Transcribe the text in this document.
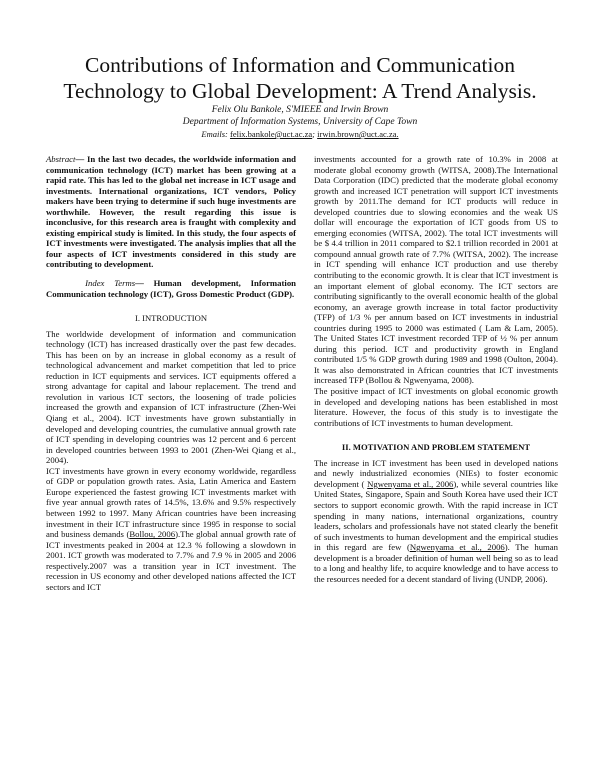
Contributions of Information and Communication Technology to Global Development: A Trend Analysis.
Felix Olu Bankole, S'MIEEE and Irwin Brown
Department of Information Systems, University of Cape Town
Emails: felix.bankole@uct.ac.za; irwin.brown@uct.ac.za.

Abstract— In the last two decades, the worldwide information and communication technology (ICT) market has been growing at a rapid rate. This has led to the global net increase in ICT usage and investments. International organizations, ICT vendors, Policy makers have been trying to determine if such huge investments are worthwhile. However, the result regarding this issue is inconclusive, for this research area is fraught with complexity and existing empirical study is limited. In this study, the four aspects of ICT investments were investigated. The analysis implies that all the four aspects of ICT investments considered in this study are contributing to development.

Index Terms— Human development, Information Communication technology (ICT), Gross Domestic Product (GDP).

I. INTRODUCTION

The worldwide development of information and communication technology (ICT) has increased drastically over the past few decades. This has been on by an increase in global economy as a result of technological advancement and market competition that led to price reduction in ICT equipments and services. ICT equipments offered a strong advantage for capital and labour replacement. The trend and revolution in various ICT sectors, the loosening of trade policies increased the growth and expansion of ICT infrastructure (Zhen-Wei Qiang et al., 2004). ICT investments have grown substantially in developed and developing countries, the cumulative annual growth rate of ICT spending in developing countries was 12 percent and 6 percent in developed countries between 1993 to 2001 (Zhen-Wei Qiang et al., 2004).

ICT investments have grown in every economy worldwide, regardless of GDP or population growth rates. Asia, Latin America and Eastern Europe experienced the fastest growing ICT investments market with five year annual growth rates of 14.5%, 13.6% and 9.5% respectively between 1992 to 1997. Many African countries have been increasing investment in their ICT infrastructure since 1995 in response to social and business demands (Bollou, 2006).The global annual growth rate of ICT investments peaked in 2004 at 12.3 % following a slowdown in 2001. ICT growth was moderated to 7.7% and 7.9 % in 2005 and 2006 respectively.2007 was a transition year in ICT investment. The recession in US economy and other developed nations affected the ICT sectors and ICT

investments accounted for a growth rate of 10.3% in 2008 at moderate global economy growth (WITSA, 2008).The International Data Corporation (IDC) predicted that the moderate global economy growth and increased ICT penetration will support ICT investments growth by 2011.The demand for ICT products will reduce in developed countries due to slowing economies and the weak US dollar will encourage the exportation of ICT goods from US to emerging economies (WITSA, 2002). The total ICT investments will be $ 4.4 trillion in 2011 compared to $2.1 trillion recorded in 2001 at compound annual growth rate of 7.7% (WITSA, 2002). The increase in ICT spending will enhance ICT production and use thereby contributing to the economic growth. It is clear that ICT investment is an important element of global economy. The ICT sectors are contributing significantly to the overall economic health of the global economy, an average growth increase in total factor productivity (TFP) of 1/3 % per annum based on ICT investments in industrial countries during 1995 to 2000 was estimated ( Lam & Lam, 2005). The United States ICT investment recorded TFP of ½ % per annum during this period. ICT and productivity growth in England contributed 1/5 % GDP growth during 1989 and 1998 (Oulton, 2004). It was also demonstrated in African countries that ICT investments increased TFP (Bollou & Ngwenyama, 2008).

The positive impact of ICT investments on global economic growth in developed and developing nations has been established in most literature. However, the focus of this study is to investigate the contributions of ICT investments to human development.

II. MOTIVATION AND PROBLEM STATEMENT

The increase in ICT investment has been used in developed nations and newly industrialized economies (NIEs) to foster economic development ( Ngwenyama et al., 2006), while several countries like United States, Singapore, Spain and South Korea have used their ICT sectors to support economic growth. With the rapid increase in ICT spending in many nations, international organizations, country leaders, scholars and professionals have not stated clearly the benefit of such investments to human development and the empirical studies in this regard are few (Ngwenyama et al., 2006). The human development is a broader definition of human well being so as to lead to a long and healthy life, to acquire knowledge and to have access to the resources needed for a decent standard of living (UNDP, 2006).
